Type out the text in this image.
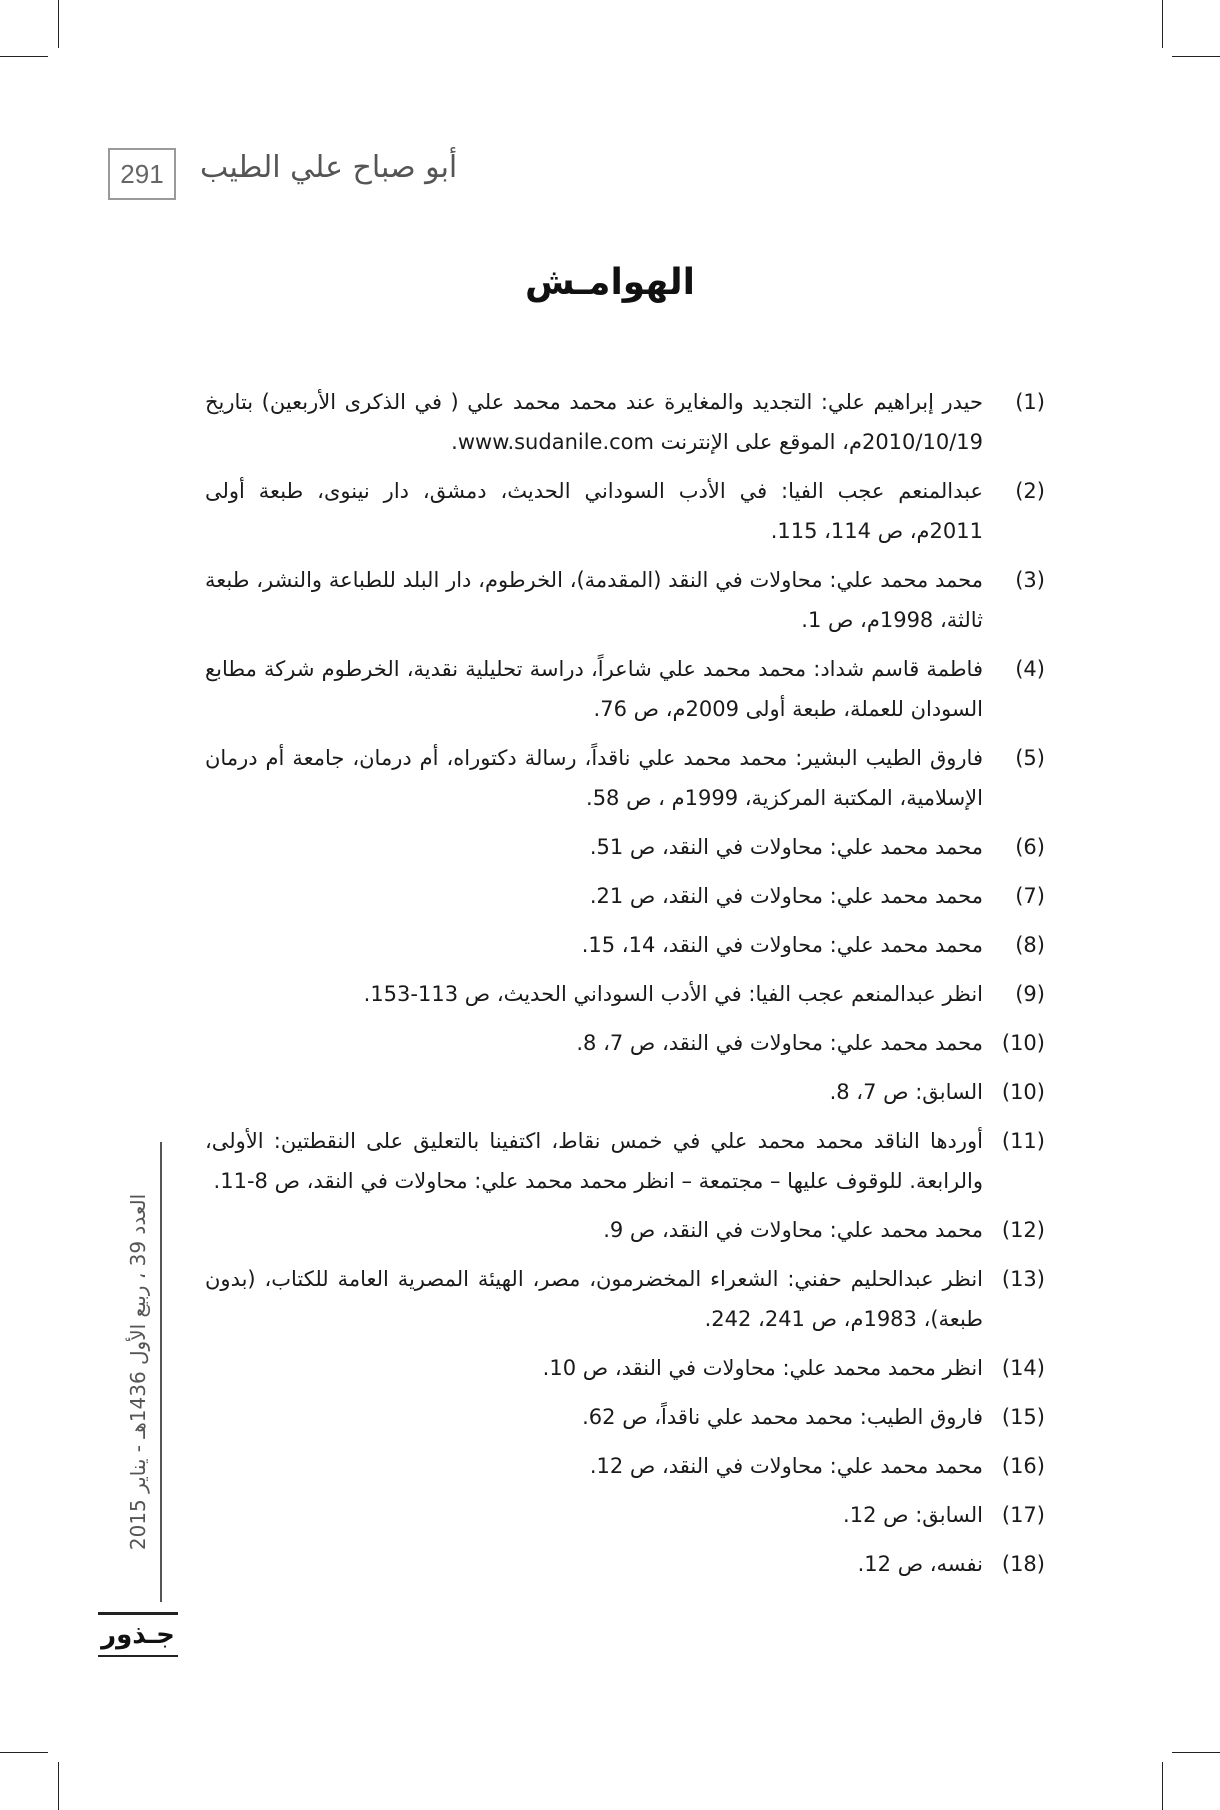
291	أبو صباح علي الطيب
الهوامـش
(1)
حيدر إبراهيم علي: التجديد والمغايرة عند محمد محمد علي ( في الذكرى الأربعين) بتاريخ 2010/10/19م، الموقع على الإنترنت www.sudanile.com.
(2)
عبدالمنعم عجب الفيا: في الأدب السوداني الحديث، دمشق، دار نينوى، طبعة أولى 2011م، ص 114، 115.
(3)
محمد محمد علي: محاولات في النقد (المقدمة)، الخرطوم، دار البلد للطباعة والنشر، طبعة ثالثة، 1998م، ص 1.
(4)
فاطمة قاسم شداد: محمد محمد علي شاعراً، دراسة تحليلية نقدية، الخرطوم شركة مطابع السودان للعملة، طبعة أولى 2009م، ص 76.
(5)
فاروق الطيب البشير: محمد محمد علي ناقداً، رسالة دكتوراه، أم درمان، جامعة أم درمان الإسلامية، المكتبة المركزية، 1999م ، ص 58.
(6)
محمد محمد علي: محاولات في النقد، ص 51.
(7)
محمد محمد علي: محاولات في النقد، ص 21.
(8)
محمد محمد علي: محاولات في النقد، 14، 15.
(9)
انظر عبدالمنعم عجب الفيا: في الأدب السوداني الحديث، ص 113-153.
(10)
محمد محمد علي: محاولات في النقد، ص 7، 8.
(10)
السابق: ص 7، 8.
(11)
أوردها الناقد محمد محمد علي في خمس نقاط، اكتفينا بالتعليق على النقطتين: الأولى، والرابعة. للوقوف عليها – مجتمعة – انظر محمد محمد علي: محاولات في النقد، ص 8-11.
(12)
محمد محمد علي: محاولات في النقد، ص 9.
(13)
انظر عبدالحليم حفني: الشعراء المخضرمون، مصر، الهيئة المصرية العامة للكتاب، (بدون طبعة)، 1983م، ص 241، 242.
(14)
انظر محمد محمد علي: محاولات في النقد، ص 10.
(15)
فاروق الطيب: محمد محمد علي ناقداً، ص 62.
(16)
محمد محمد علي: محاولات في النقد، ص 12.
(17)
السابق: ص 12.
(18)
نفسه، ص 12.
العدد 39 ، ربيع الأول 1436هـ - يناير 2015
جـذور
